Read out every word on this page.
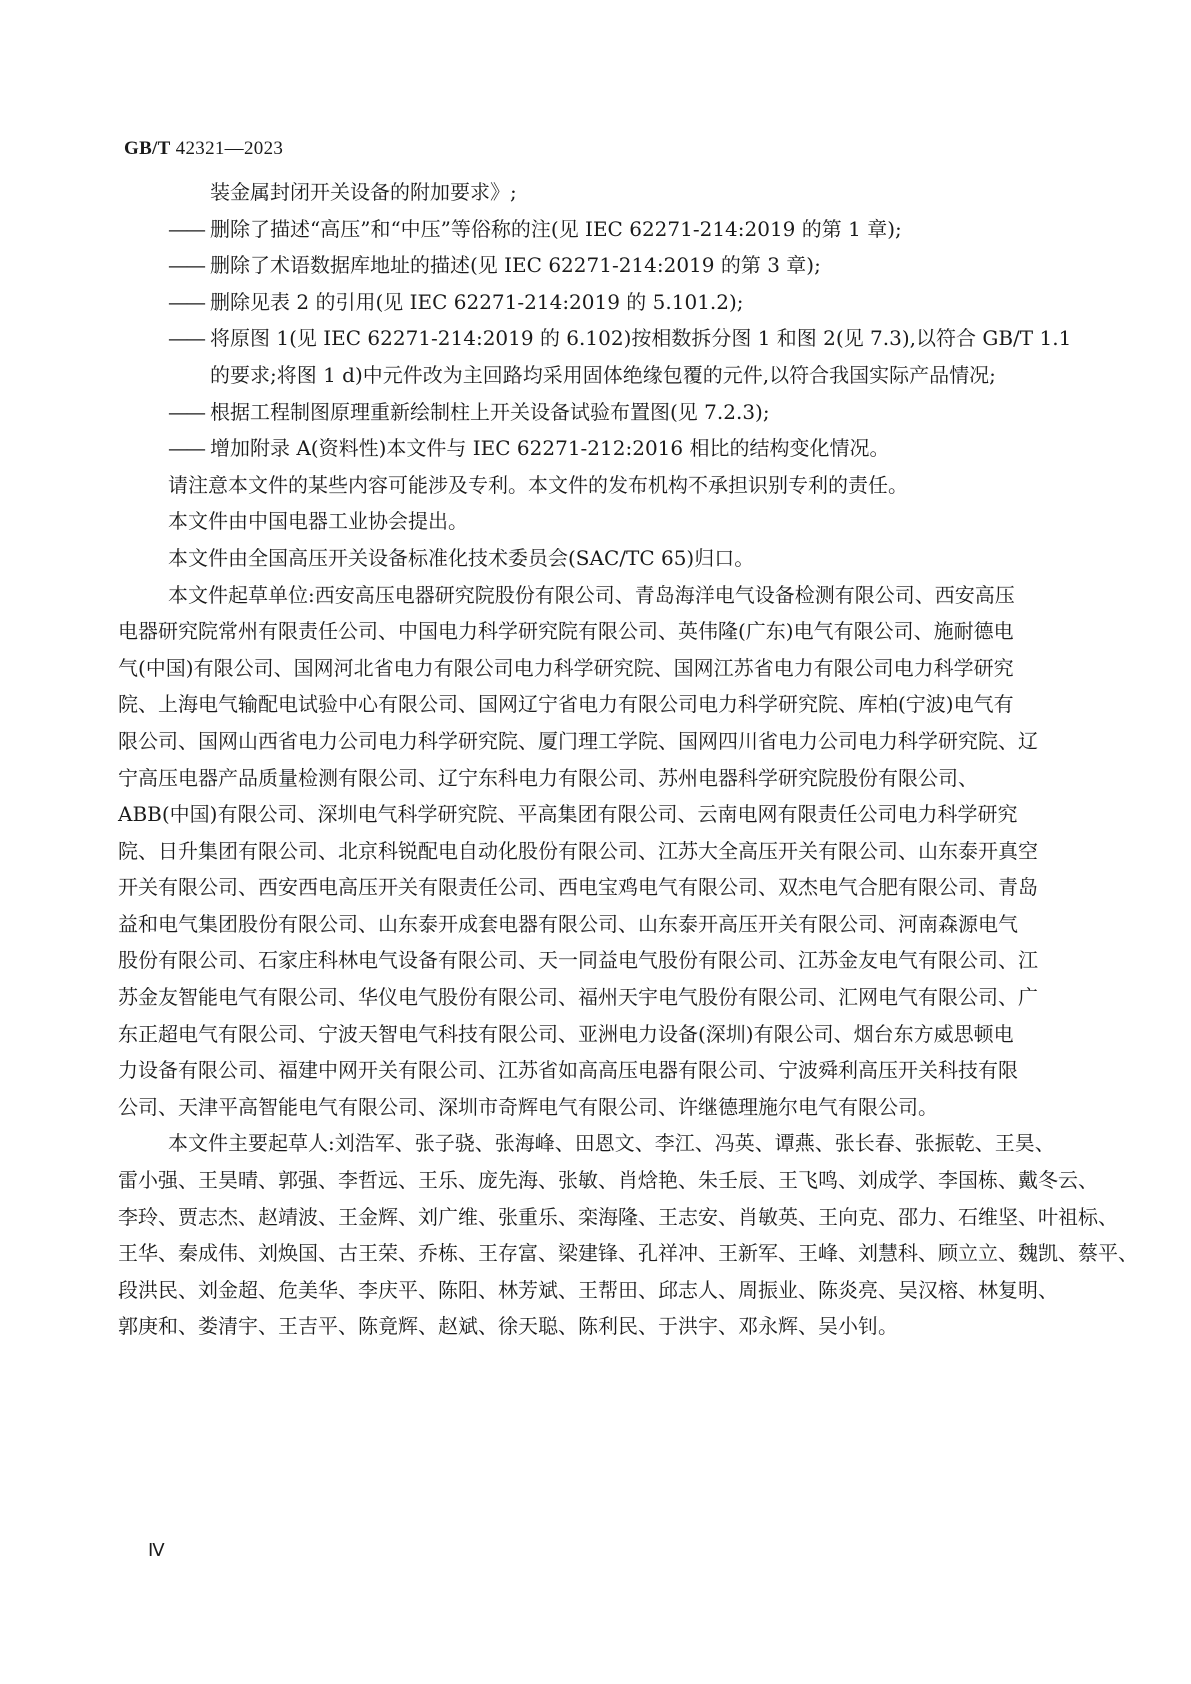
GB/T 42321—2023
装金属封闭开关设备的附加要求》;
—— 删除了描述“高压”和“中压”等俗称的注(见 IEC 62271-214:2019 的第 1 章);
—— 删除了术语数据库地址的描述(见 IEC 62271-214:2019 的第 3 章);
—— 删除见表 2 的引用(见 IEC 62271-214:2019 的 5.101.2);
—— 将原图 1(见 IEC 62271-214:2019 的 6.102)按相数拆分图 1 和图 2(见 7.3),以符合 GB/T 1.1
的要求;将图 1 d)中元件改为主回路均采用固体绝缘包覆的元件,以符合我国实际产品情况;
—— 根据工程制图原理重新绘制柱上开关设备试验布置图(见 7.2.3);
—— 增加附录 A(资料性)本文件与 IEC 62271-212:2016 相比的结构变化情况。
请注意本文件的某些内容可能涉及专利。本文件的发布机构不承担识别专利的责任。
本文件由中国电器工业协会提出。
本文件由全国高压开关设备标准化技术委员会(SAC/TC 65)归口。
本文件起草单位:西安高压电器研究院股份有限公司、青岛海洋电气设备检测有限公司、西安高压
电器研究院常州有限责任公司、中国电力科学研究院有限公司、英伟隆(广东)电气有限公司、施耐德电
气(中国)有限公司、国网河北省电力有限公司电力科学研究院、国网江苏省电力有限公司电力科学研究
院、上海电气输配电试验中心有限公司、国网辽宁省电力有限公司电力科学研究院、库柏(宁波)电气有
限公司、国网山西省电力公司电力科学研究院、厦门理工学院、国网四川省电力公司电力科学研究院、辽
宁高压电器产品质量检测有限公司、辽宁东科电力有限公司、苏州电器科学研究院股份有限公司、
ABB(中国)有限公司、深圳电气科学研究院、平高集团有限公司、云南电网有限责任公司电力科学研究
院、日升集团有限公司、北京科锐配电自动化股份有限公司、江苏大全高压开关有限公司、山东泰开真空
开关有限公司、西安西电高压开关有限责任公司、西电宝鸡电气有限公司、双杰电气合肥有限公司、青岛
益和电气集团股份有限公司、山东泰开成套电器有限公司、山东泰开高压开关有限公司、河南森源电气
股份有限公司、石家庄科林电气设备有限公司、天一同益电气股份有限公司、江苏金友电气有限公司、江
苏金友智能电气有限公司、华仪电气股份有限公司、福州天宇电气股份有限公司、汇网电气有限公司、广
东正超电气有限公司、宁波天智电气科技有限公司、亚洲电力设备(深圳)有限公司、烟台东方威思顿电
力设备有限公司、福建中网开关有限公司、江苏省如高高压电器有限公司、宁波舜利高压开关科技有限
公司、天津平高智能电气有限公司、深圳市奇辉电气有限公司、许继德理施尔电气有限公司。
本文件主要起草人:刘浩军、张子骁、张海峰、田恩文、李江、冯英、谭燕、张长春、张振乾、王昊、
雷小强、王昊晴、郭强、李哲远、王乐、庞先海、张敏、肖焓艳、朱壬辰、王飞鸣、刘成学、李国栋、戴冬云、
李玲、贾志杰、赵靖波、王金辉、刘广维、张重乐、栾海隆、王志安、肖敏英、王向克、邵力、石维坚、叶祖标、
王华、秦成伟、刘焕国、古王荣、乔栋、王存富、梁建锋、孔祥冲、王新军、王峰、刘慧科、顾立立、魏凯、蔡平、
段洪民、刘金超、危美华、李庆平、陈阳、林芳斌、王帮田、邱志人、周振业、陈炎亮、吴汉榕、林复明、
郭庚和、娄清宇、王吉平、陈竟辉、赵斌、徐天聪、陈利民、于洪宇、邓永辉、吴小钊。
Ⅳ
